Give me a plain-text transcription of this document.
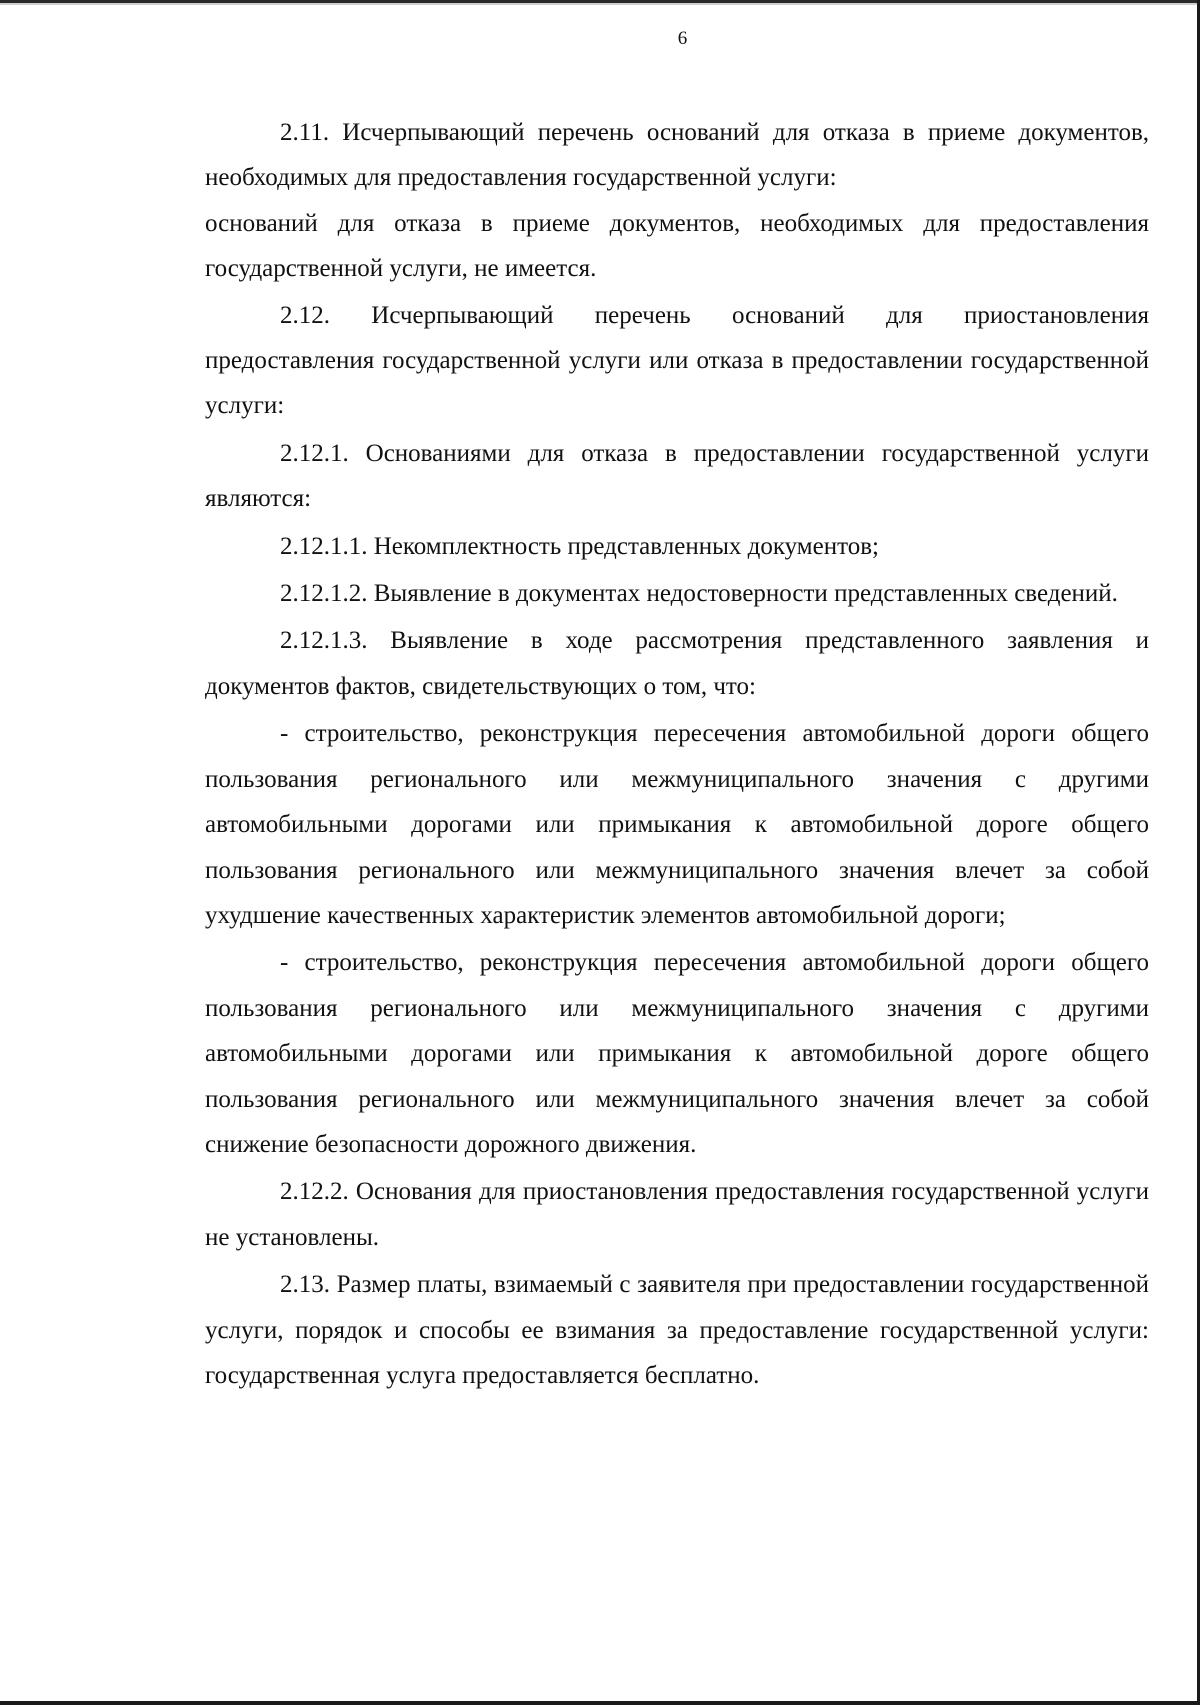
6

2.11. Исчерпывающий перечень оснований для отказа в приеме документов, необходимых для предоставления государственной услуги:

оснований для отказа в приеме документов, необходимых для предоставления государственной услуги, не имеется.

2.12. Исчерпывающий перечень оснований для приостановления предоставления государственной услуги или отказа в предоставлении государственной услуги:

2.12.1. Основаниями для отказа в предоставлении государственной услуги являются:

2.12.1.1. Некомплектность представленных документов;

2.12.1.2. Выявление в документах недостоверности представленных сведений.

2.12.1.3. Выявление в ходе рассмотрения представленного заявления и документов фактов, свидетельствующих о том, что:

- строительство, реконструкция пересечения автомобильной дороги общего пользования регионального или межмуниципального значения с другими автомобильными дорогами или примыкания к автомобильной дороге общего пользования регионального или межмуниципального значения влечет за собой ухудшение качественных характеристик элементов автомобильной дороги;

- строительство, реконструкция пересечения автомобильной дороги общего пользования регионального или межмуниципального значения с другими автомобильными дорогами или примыкания к автомобильной дороге общего пользования регионального или межмуниципального значения влечет за собой снижение безопасности дорожного движения.

2.12.2. Основания для приостановления предоставления государственной услуги не установлены.

2.13. Размер платы, взимаемый с заявителя при предоставлении государственной услуги, порядок и способы ее взимания за предоставление государственной услуги: государственная услуга предоставляется бесплатно.
